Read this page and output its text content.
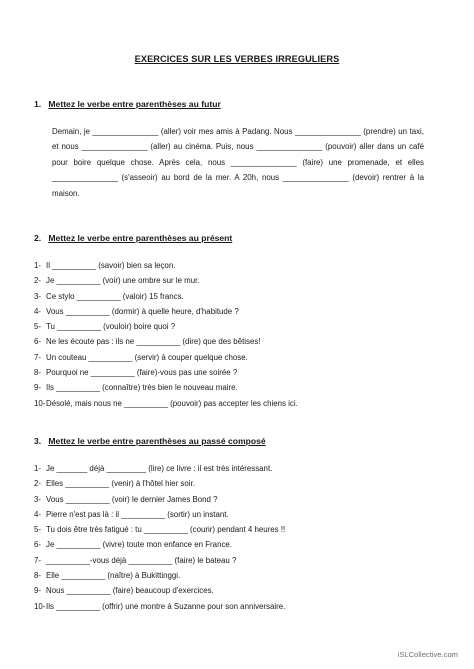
EXERCICES SUR LES VERBES IRREGULIERS
1. Mettez le verbe entre parenthèses au futur
Demain, je _______________ (aller) voir mes amis à Padang. Nous _______________ (prendre) un taxi, et nous _______________ (aller) au cinéma. Puis, nous _______________ (pouvoir) aller dans un café pour boire quelque chose. Après cela, nous _______________ (faire) une promenade, et elles _______________ (s'asseoir) au bord de la mer. A 20h, nous _______________ (devoir) rentrer à la maison.
2. Mettez le verbe entre parenthèses au présent
1- Il __________ (savoir) bien sa leçon.
2- Je __________ (voir) une ombre sur le mur.
3- Ce stylo __________ (valoir) 15 francs.
4- Vous __________ (dormir) à quelle heure, d'habitude ?
5- Tu __________ (vouloir) boire quoi ?
6- Ne les écoute pas : ils ne __________ (dire) que des bêtises!
7- Un couteau __________ (servir) à couper quelque chose.
8- Pourquoi ne __________ (faire)-vous pas une soirée ?
9- Ils __________ (connaître) très bien le nouveau maire.
10- Désolé, mais nous ne __________ (pouvoir) pas accepter les chiens ici.
3. Mettez le verbe entre parenthèses au passé composé
1- Je _______ déjà _________ (lire) ce livre : il est très intéressant.
2- Elles __________ (venir) à l'hôtel hier soir.
3- Vous __________ (voir) le dernier James Bond ?
4- Pierre n'est pas là : il __________ (sortir) un instant.
5- Tu dois être très fatigué : tu __________ (courir) pendant 4 heures !!
6- Je __________ (vivre) toute mon enfance en France.
7- __________-vous déjà __________ (faire) le bateau ?
8- Elle __________ (naître) à Bukittinggi.
9- Nous __________ (faire) beaucoup d'exercices.
10- Ils __________ (offrir) une montre à Suzanne pour son anniversaire.
iSLCollective.com
